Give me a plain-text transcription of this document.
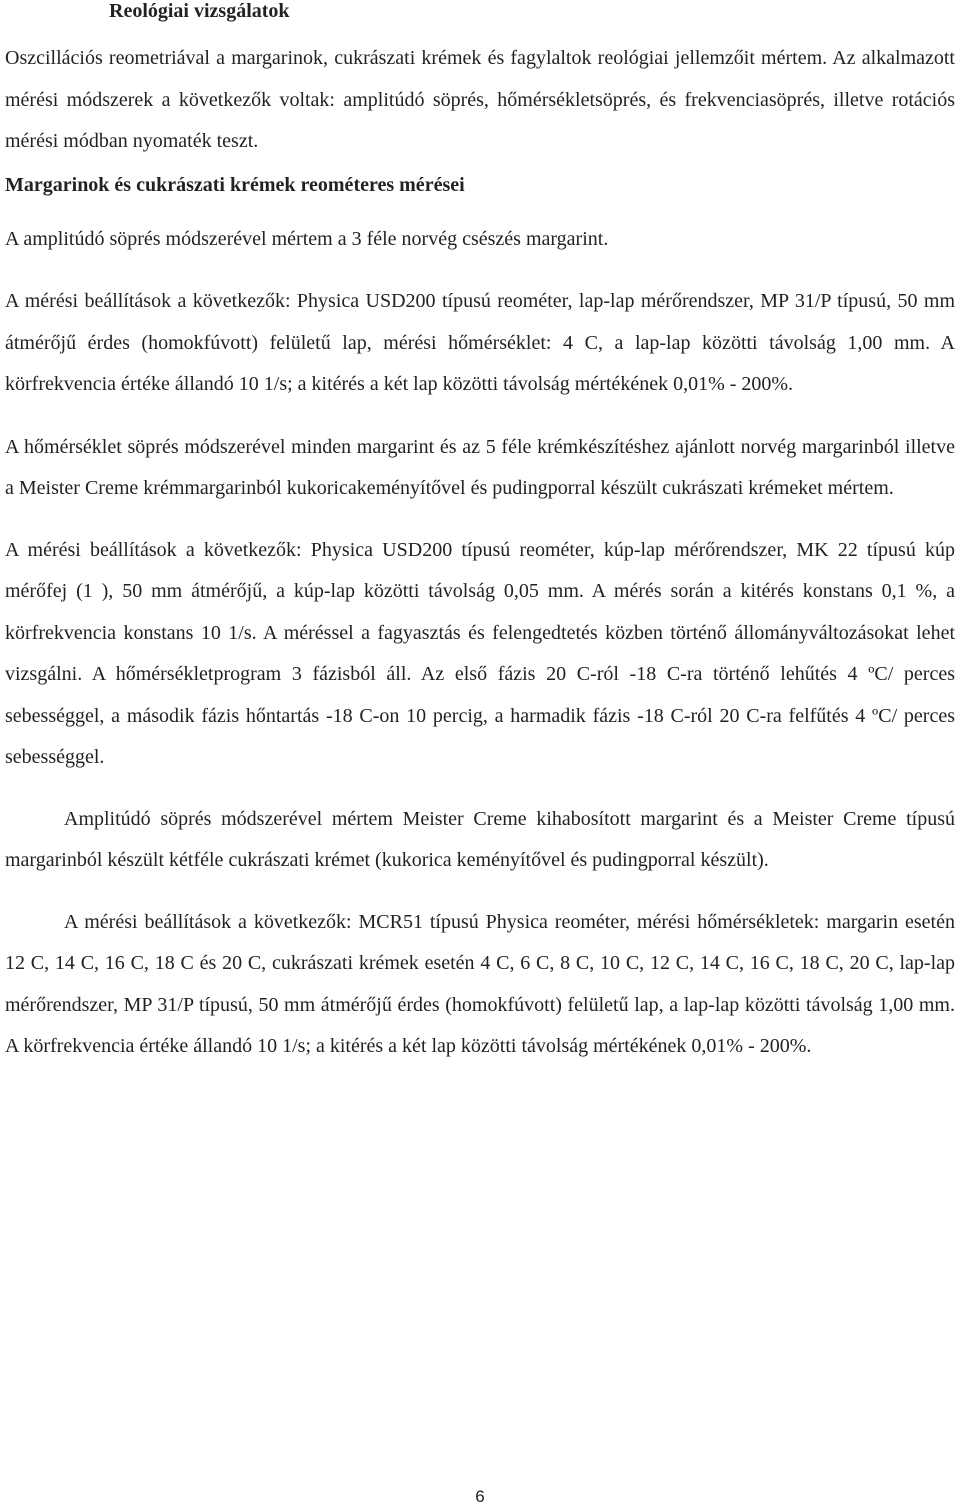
Reológiai vizsgálatok

Oszcillációs reometriával a margarinok, cukrászati krémek és fagylaltok reológiai jellemzőit mértem. Az alkalmazott mérési módszerek a következők voltak: amplitúdó söprés, hőmérsékletsöprés, és frekvenciasöprés, illetve rotációs mérési módban nyomaték teszt.

Margarinok és cukrászati krémek reométeres mérései

A amplitúdó söprés módszerével mértem a 3 féle norvég csészés margarint.

A mérési beállítások a következők: Physica USD200 típusú reométer, lap-lap mérőrendszer, MP 31/P típusú, 50 mm átmérőjű érdes (homokfúvott) felületű lap, mérési hőmérséklet: 4 C, a lap-lap közötti távolság 1,00 mm. A körfrekvencia értéke állandó 10 1/s; a kitérés a két lap közötti távolság mértékének 0,01% - 200%.

A hőmérséklet söprés módszerével minden margarint és az 5 féle krémkészítéshez ajánlott norvég margarinból illetve a Meister Creme krémmargarinból kukoricakeményítővel és pudingporral készült cukrászati krémeket mértem.

A mérési beállítások a következők: Physica USD200 típusú reométer, kúp-lap mérőrendszer, MK 22 típusú kúp mérőfej (1 ), 50 mm átmérőjű, a kúp-lap közötti távolság 0,05 mm. A mérés során a kitérés konstans 0,1 %, a körfrekvencia konstans 10 1/s. A méréssel a fagyasztás és felengedtetés közben történő állományváltozásokat lehet vizsgálni. A hőmérsékletprogram 3 fázisból áll. Az első fázis 20 C-ról -18 C-ra történő lehűtés 4 ºC/ perces sebességgel, a második fázis hőntartás -18 C-on 10 percig, a harmadik fázis -18 C-ról 20 C-ra felfűtés 4 ºC/ perces sebességgel.

Amplitúdó söprés módszerével mértem Meister Creme kihabosított margarint és a Meister Creme típusú margarinból készült kétféle cukrászati krémet (kukorica keményítővel és pudingporral készült).

A mérési beállítások a következők: MCR51 típusú Physica reométer, mérési hőmérsékletek: margarin esetén 12 C, 14 C, 16 C, 18 C és 20 C, cukrászati krémek esetén 4 C, 6 C, 8 C, 10 C, 12 C, 14 C, 16 C, 18 C, 20 C, lap-lap mérőrendszer, MP 31/P típusú, 50 mm átmérőjű érdes (homokfúvott) felületű lap, a lap-lap közötti távolság 1,00 mm. A körfrekvencia értéke állandó 10 1/s; a kitérés a két lap közötti távolság mértékének 0,01% - 200%.

6
